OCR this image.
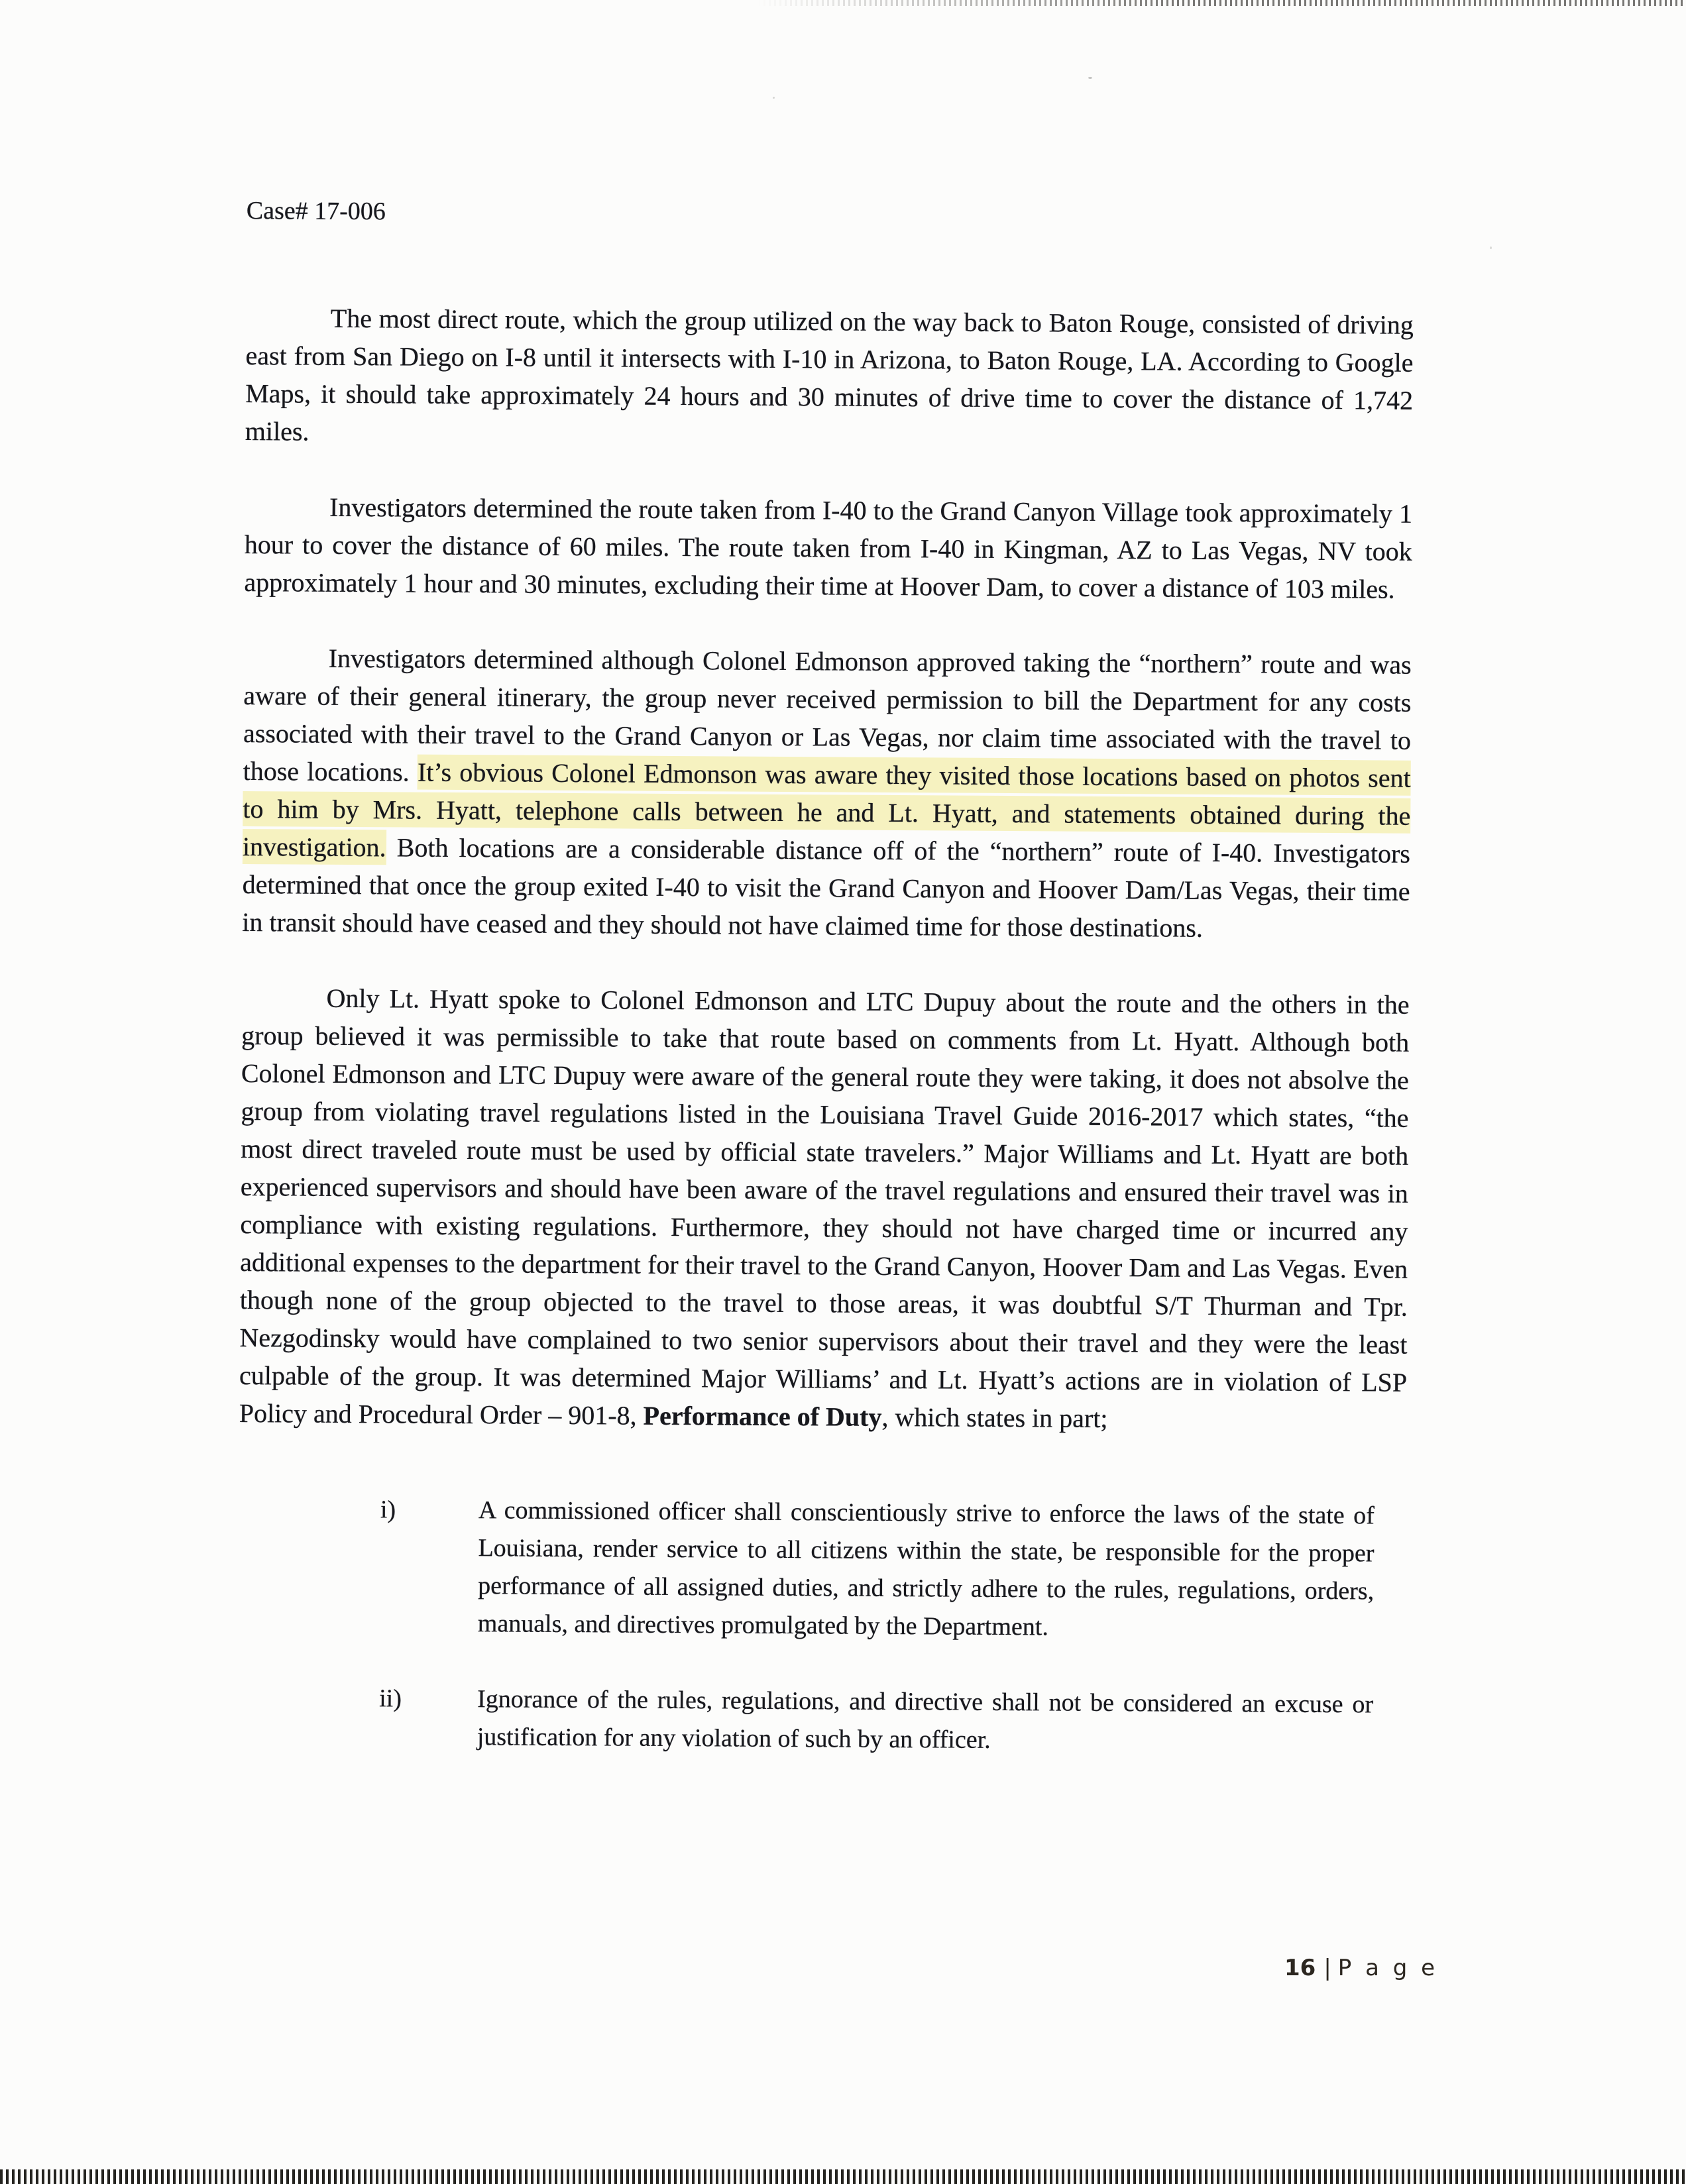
Case# 17-006

The most direct route, which the group utilized on the way back to Baton Rouge, consisted of driving east from San Diego on I-8 until it intersects with I-10 in Arizona, to Baton Rouge, LA. According to Google Maps, it should take approximately 24 hours and 30 minutes of drive time to cover the distance of 1,742 miles.

Investigators determined the route taken from I-40 to the Grand Canyon Village took approximately 1 hour to cover the distance of 60 miles. The route taken from I-40 in Kingman, AZ to Las Vegas, NV took approximately 1 hour and 30 minutes, excluding their time at Hoover Dam, to cover a distance of 103 miles.

Investigators determined although Colonel Edmonson approved taking the “northern” route and was aware of their general itinerary, the group never received permission to bill the Department for any costs associated with their travel to the Grand Canyon or Las Vegas, nor claim time associated with the travel to those locations. It’s obvious Colonel Edmonson was aware they visited those locations based on photos sent to him by Mrs. Hyatt, telephone calls between he and Lt. Hyatt, and statements obtained during the investigation. Both locations are a considerable distance off of the “northern” route of I-40. Investigators determined that once the group exited I-40 to visit the Grand Canyon and Hoover Dam/Las Vegas, their time in transit should have ceased and they should not have claimed time for those destinations.

Only Lt. Hyatt spoke to Colonel Edmonson and LTC Dupuy about the route and the others in the group believed it was permissible to take that route based on comments from Lt. Hyatt. Although both Colonel Edmonson and LTC Dupuy were aware of the general route they were taking, it does not absolve the group from violating travel regulations listed in the Louisiana Travel Guide 2016-2017 which states, “the most direct traveled route must be used by official state travelers.” Major Williams and Lt. Hyatt are both experienced supervisors and should have been aware of the travel regulations and ensured their travel was in compliance with existing regulations. Furthermore, they should not have charged time or incurred any additional expenses to the department for their travel to the Grand Canyon, Hoover Dam and Las Vegas. Even though none of the group objected to the travel to those areas, it was doubtful S/T Thurman and Tpr. Nezgodinsky would have complained to two senior supervisors about their travel and they were the least culpable of the group. It was determined Major Williams’ and Lt. Hyatt’s actions are in violation of LSP Policy and Procedural Order – 901-8, Performance of Duty, which states in part;

i)	A commissioned officer shall conscientiously strive to enforce the laws of the state of Louisiana, render service to all citizens within the state, be responsible for the proper performance of all assigned duties, and strictly adhere to the rules, regulations, orders, manuals, and directives promulgated by the Department.
ii)	Ignorance of the rules, regulations, and directive shall not be considered an excuse or justification for any violation of such by an officer.
16 | P a g e
